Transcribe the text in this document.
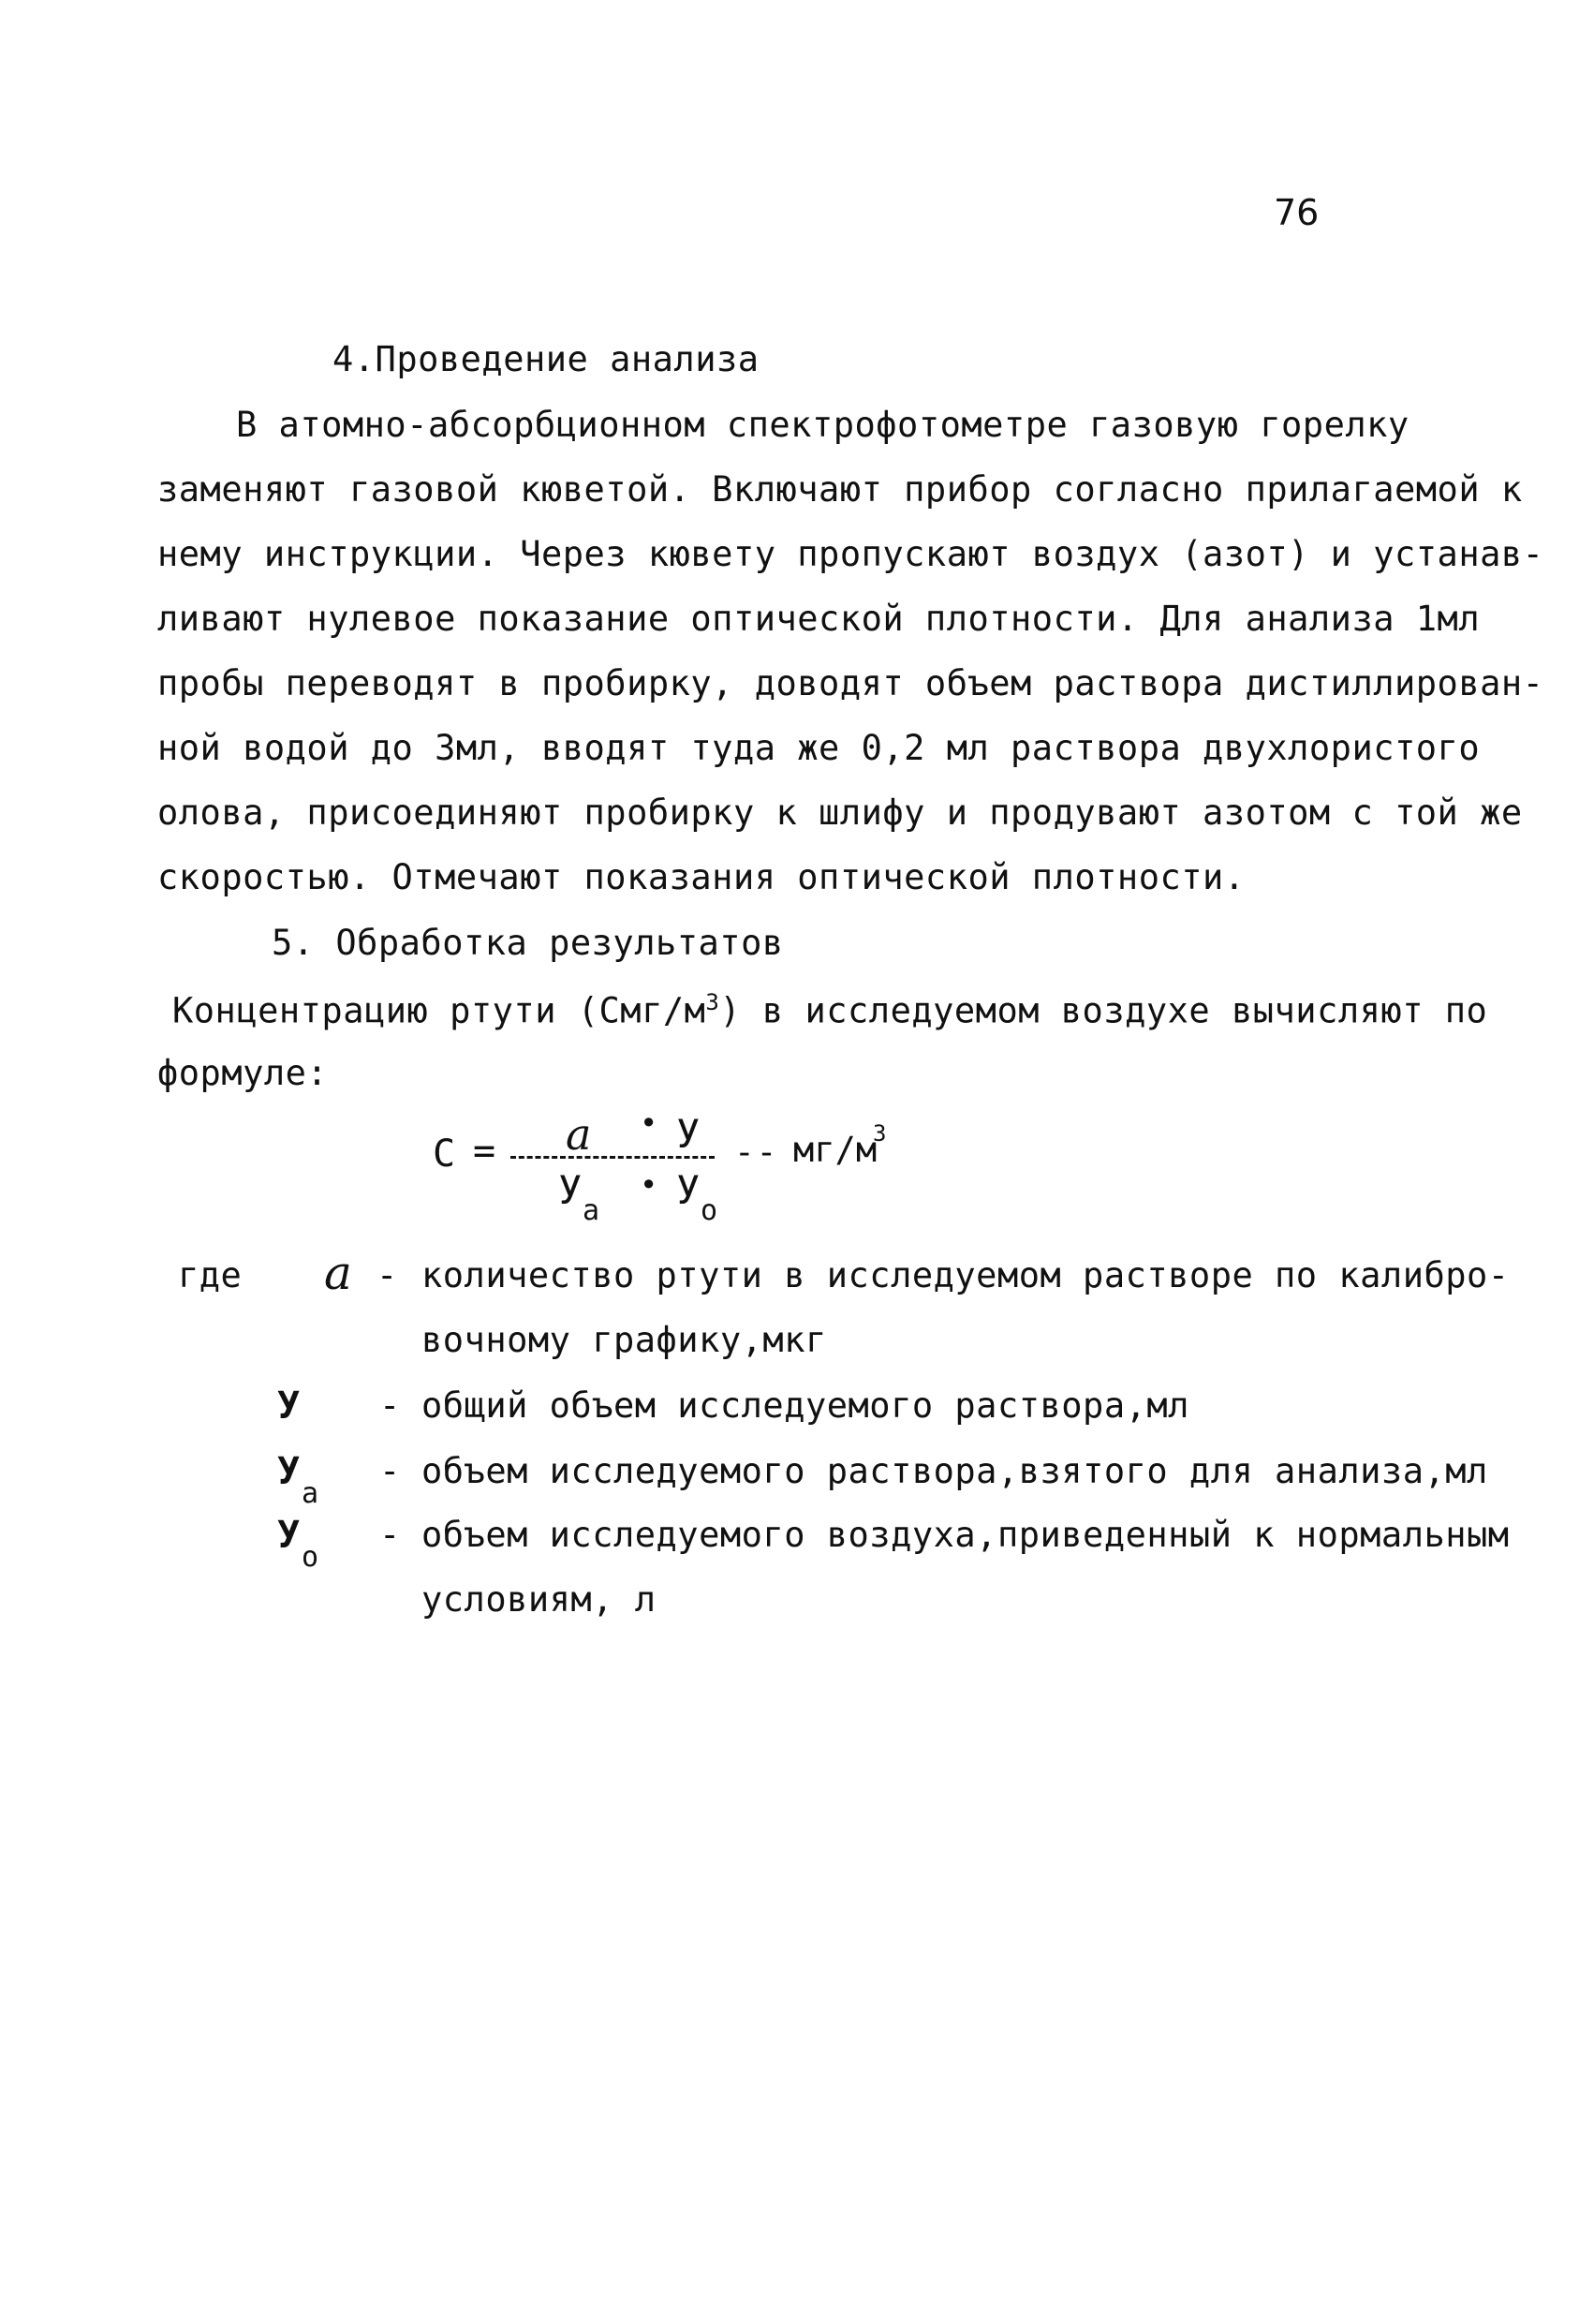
76
4.Проведение анализа
В атомно-абсорбционном спектрофотометре газовую горелку
заменяют газовой кюветой. Включают прибор согласно прилагаемой к
нему инструкции. Через кювету пропускают воздух (азот) и устанав-
ливают нулевое показание оптической плотности. Для анализа 1мл
пробы переводят в пробирку, доводят объем раствора дистиллирован-
ной водой до 3мл, вводят туда же 0,2 мл раствора двухлористого
олова, присоединяют пробирку к шлифу и продувают азотом с той же
скоростью. Отмечают показания оптической плотности.
5. Обработка результатов
Концентрацию ртути $(Смг/м^3)$ в исследуемом воздухе вычисляют по
формуле:
C = a • У -- мг/м
3
У а
• У о
где a - количество ртути в исследуемом растворе по калибро-
вочному графику,мкг
У - общий объем исследуемого раствора,мл
У
а
- объем исследуемого раствора,взятого для анализа,мл
У
о
- объем исследуемого воздуха,приведенный к нормальным
условиям, л
